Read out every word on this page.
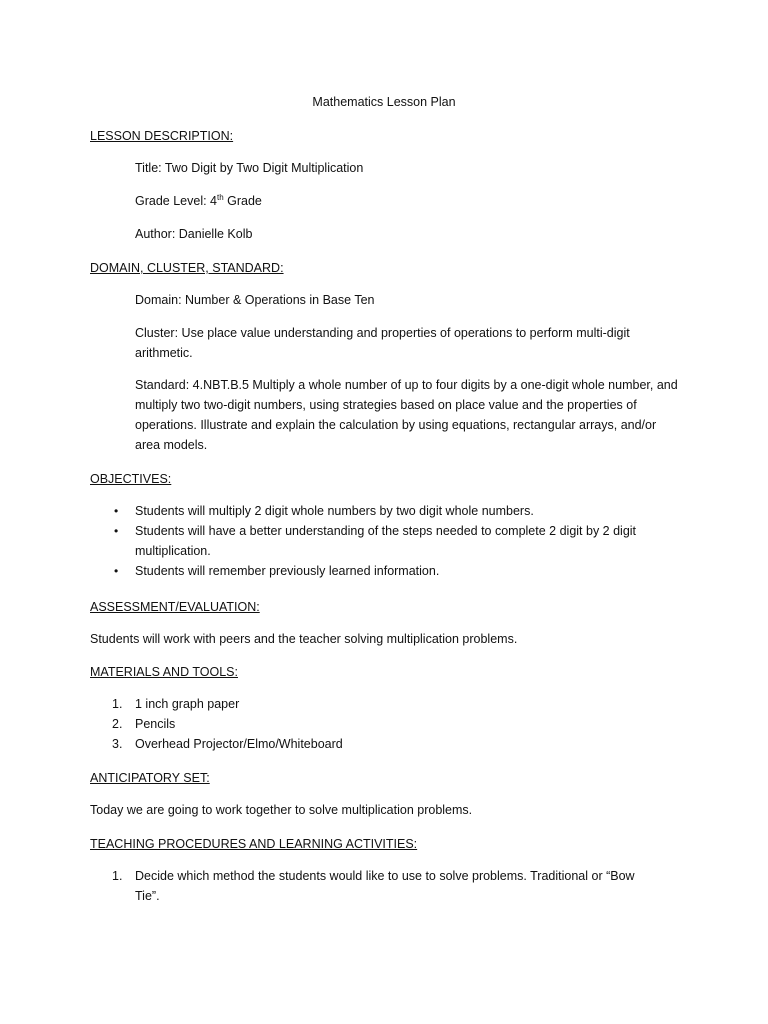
Mathematics Lesson Plan
LESSON DESCRIPTION:
Title: Two Digit by Two Digit Multiplication
Grade Level: 4th Grade
Author: Danielle Kolb
DOMAIN, CLUSTER, STANDARD:
Domain: Number & Operations in Base Ten
Cluster: Use place value understanding and properties of operations to perform multi-digit arithmetic.
Standard: 4.NBT.B.5 Multiply a whole number of up to four digits by a one-digit whole number, and multiply two two-digit numbers, using strategies based on place value and the properties of operations. Illustrate and explain the calculation by using equations, rectangular arrays, and/or area models.
OBJECTIVES:
• Students will multiply 2 digit whole numbers by two digit whole numbers.
• Students will have a better understanding of the steps needed to complete 2 digit by 2 digit multiplication.
• Students will remember previously learned information.
ASSESSMENT/EVALUATION:
Students will work with peers and the teacher solving multiplication problems.
MATERIALS AND TOOLS:
1. 1 inch graph paper
2. Pencils
3. Overhead Projector/Elmo/Whiteboard
ANTICIPATORY SET:
Today we are going to work together to solve multiplication problems.
TEACHING PROCEDURES AND LEARNING ACTIVITIES:
1. Decide which method the students would like to use to solve problems. Traditional or “Bow Tie”.
